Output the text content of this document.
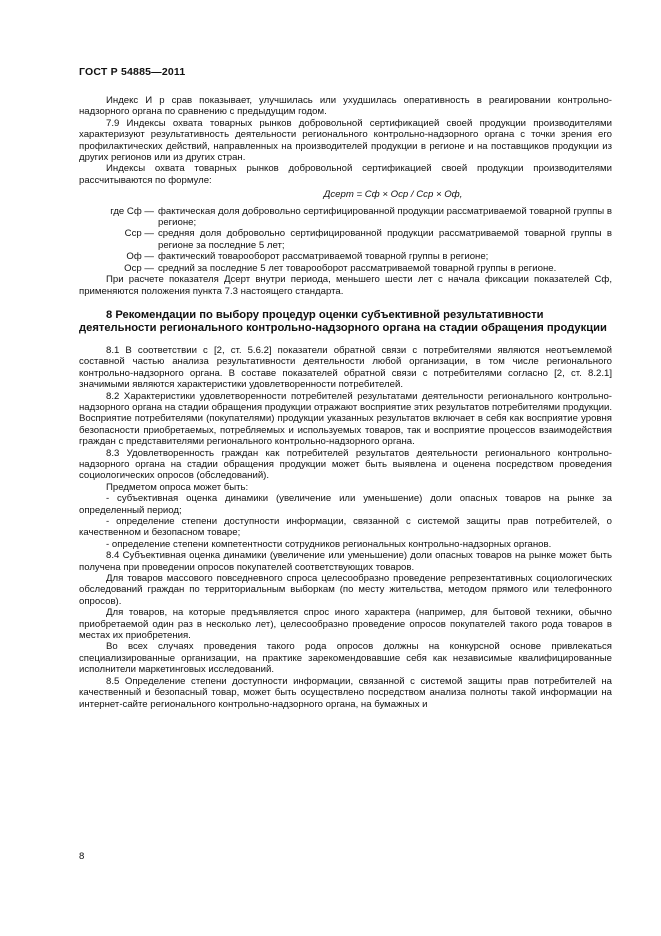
ГОСТ Р 54885—2011

Индекс И р срав показывает, улучшилась или ухудшилась оперативность в реагировании контрольно-надзорного органа по сравнению с предыдущим годом.

7.9 Индексы охвата товарных рынков добровольной сертификацией своей продукции производителями характеризуют результативность деятельности регионального контрольно-надзорного органа с точки зрения его профилактических действий, направленных на производителей продукции в регионе и на поставщиков продукции из других регионов или из других стран.

Индексы охвата товарных рынков добровольной сертификацией своей продукции производителями рассчитываются по формуле:

Дсерт = Сф × Оср / Сср × Оф,
где Сф — фактическая доля добровольно сертифицированной продукции рассматриваемой товарной группы в регионе;
Сср — средняя доля добровольно сертифицированной продукции рассматриваемой товарной группы в регионе за последние 5 лет;
Оф — фактический товарооборот рассматриваемой товарной группы в регионе;
Оср — средний за последние 5 лет товарооборот рассматриваемой товарной группы в регионе.

При расчете показателя Дсерт внутри периода, меньшего шести лет с начала фиксации показателей Сф, применяются положения пункта 7.3 настоящего стандарта.

8 Рекомендации по выбору процедур оценки субъективной результативности деятельности регионального контрольно-надзорного органа на стадии обращения продукции

8.1 В соответствии с [2, ст. 5.6.2] показатели обратной связи с потребителями являются неотъемлемой составной частью анализа результативности деятельности любой организации, в том числе регионального контрольно-надзорного органа. В составе показателей обратной связи с потребителями согласно [2, ст. 8.2.1] значимыми являются характеристики удовлетворенности потребителей.

8.2 Характеристики удовлетворенности потребителей результатами деятельности регионального контрольно-надзорного органа на стадии обращения продукции отражают восприятие этих результатов потребителями продукции. Восприятие потребителями (покупателями) продукции указанных результатов включает в себя как восприятие уровня безопасности приобретаемых, потребляемых и используемых товаров, так и восприятие процессов взаимодействия граждан с представителями регионального контрольно-надзорного органа.

8.3 Удовлетворенность граждан как потребителей результатов деятельности регионального контрольно-надзорного органа на стадии обращения продукции может быть выявлена и оценена посредством проведения социологических опросов (обследований).

Предметом опроса может быть:

- субъективная оценка динамики (увеличение или уменьшение) доли опасных товаров на рынке за определенный период;

- определение степени доступности информации, связанной с системой защиты прав потребителей, о качественном и безопасном товаре;

- определение степени компетентности сотрудников региональных контрольно-надзорных органов.

8.4 Субъективная оценка динамики (увеличение или уменьшение) доли опасных товаров на рынке может быть получена при проведении опросов покупателей соответствующих товаров.

Для товаров массового повседневного спроса целесообразно проведение репрезентативных социологических обследований граждан по территориальным выборкам (по месту жительства, методом прямого или телефонного опросов).

Для товаров, на которые предъявляется спрос иного характера (например, для бытовой техники, обычно приобретаемой один раз в несколько лет), целесообразно проведение опросов покупателей такого рода товаров в местах их приобретения.

Во всех случаях проведения такого рода опросов должны на конкурсной основе привлекаться специализированные организации, на практике зарекомендовавшие себя как независимые квалифицированные исполнители маркетинговых исследований.

8.5 Определение степени доступности информации, связанной с системой защиты прав потребителей на качественный и безопасный товар, может быть осуществлено посредством анализа полноты такой информации на интернет-сайте регионального контрольно-надзорного органа, на бумажных и

8
